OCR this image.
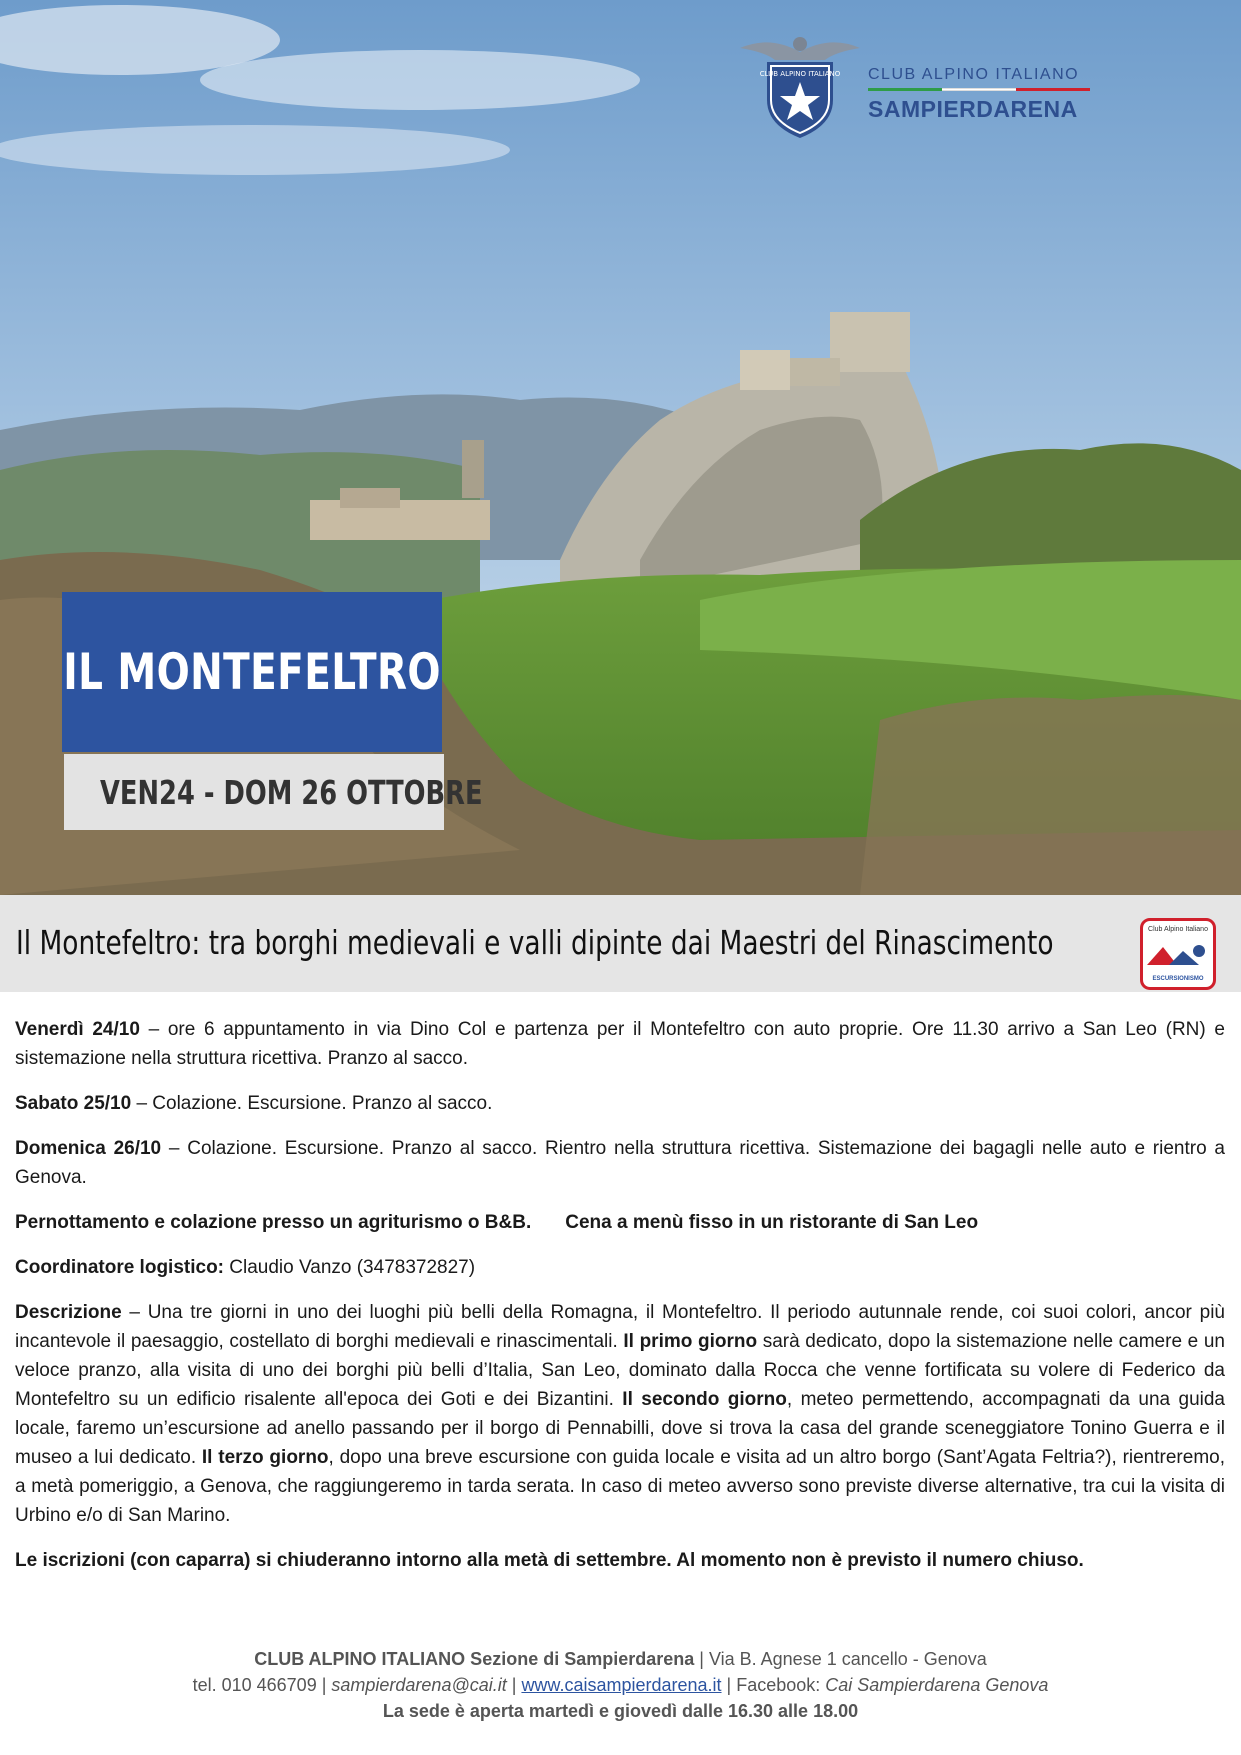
CLUB ALPINO ITALIANO CLUB ALPINO ITALIANO
SAMPIERDARENA
IL MONTEFELTRO
VEN24 - DOM 26 OTTOBRE
Il Montefeltro: tra borghi medievali e valli dipinte dai Maestri del Rinascimento	Club Alpino Italiano
ESCURSIONISMO

Venerdì 24/10 – ore 6 appuntamento in via Dino Col e partenza per il Montefeltro con auto proprie. Ore 11.30 arrivo a San Leo (RN) e sistemazione nella struttura ricettiva. Pranzo al sacco.

Sabato 25/10 – Colazione. Escursione. Pranzo al sacco.

Domenica 26/10 – Colazione. Escursione. Pranzo al sacco. Rientro nella struttura ricettiva. Sistemazione dei bagagli nelle auto e rientro a Genova.

Pernottamento e colazione presso un agriturismo o B&B. Cena a menù fisso in un ristorante di San Leo

Coordinatore logistico: Claudio Vanzo (3478372827)

Descrizione – Una tre giorni in uno dei luoghi più belli della Romagna, il Montefeltro. Il periodo autunnale rende, coi suoi colori, ancor più incantevole il paesaggio, costellato di borghi medievali e rinascimentali. Il primo giorno sarà dedicato, dopo la sistemazione nelle camere e un veloce pranzo, alla visita di uno dei borghi più belli d’Italia, San Leo, dominato dalla Rocca che venne fortificata su volere di Federico da Montefeltro su un edificio risalente all'epoca dei Goti e dei Bizantini. Il secondo giorno, meteo permettendo, accompagnati da una guida locale, faremo un’escursione ad anello passando per il borgo di Pennabilli, dove si trova la casa del grande sceneggiatore Tonino Guerra e il museo a lui dedicato. Il terzo giorno, dopo una breve escursione con guida locale e visita ad un altro borgo (Sant’Agata Feltria?), rientreremo, a metà pomeriggio, a Genova, che raggiungeremo in tarda serata. In caso di meteo avverso sono previste diverse alternative, tra cui la visita di Urbino e/o di San Marino.

Le iscrizioni (con caparra) si chiuderanno intorno alla metà di settembre. Al momento non è previsto il numero chiuso.

CLUB ALPINO ITALIANO Sezione di Sampierdarena | Via B. Agnese 1 cancello - Genova
tel. 010 466709 | sampierdarena@cai.it | www.caisampierdarena.it | Facebook: Cai Sampierdarena Genova
La sede è aperta martedì e giovedì dalle 16.30 alle 18.00
